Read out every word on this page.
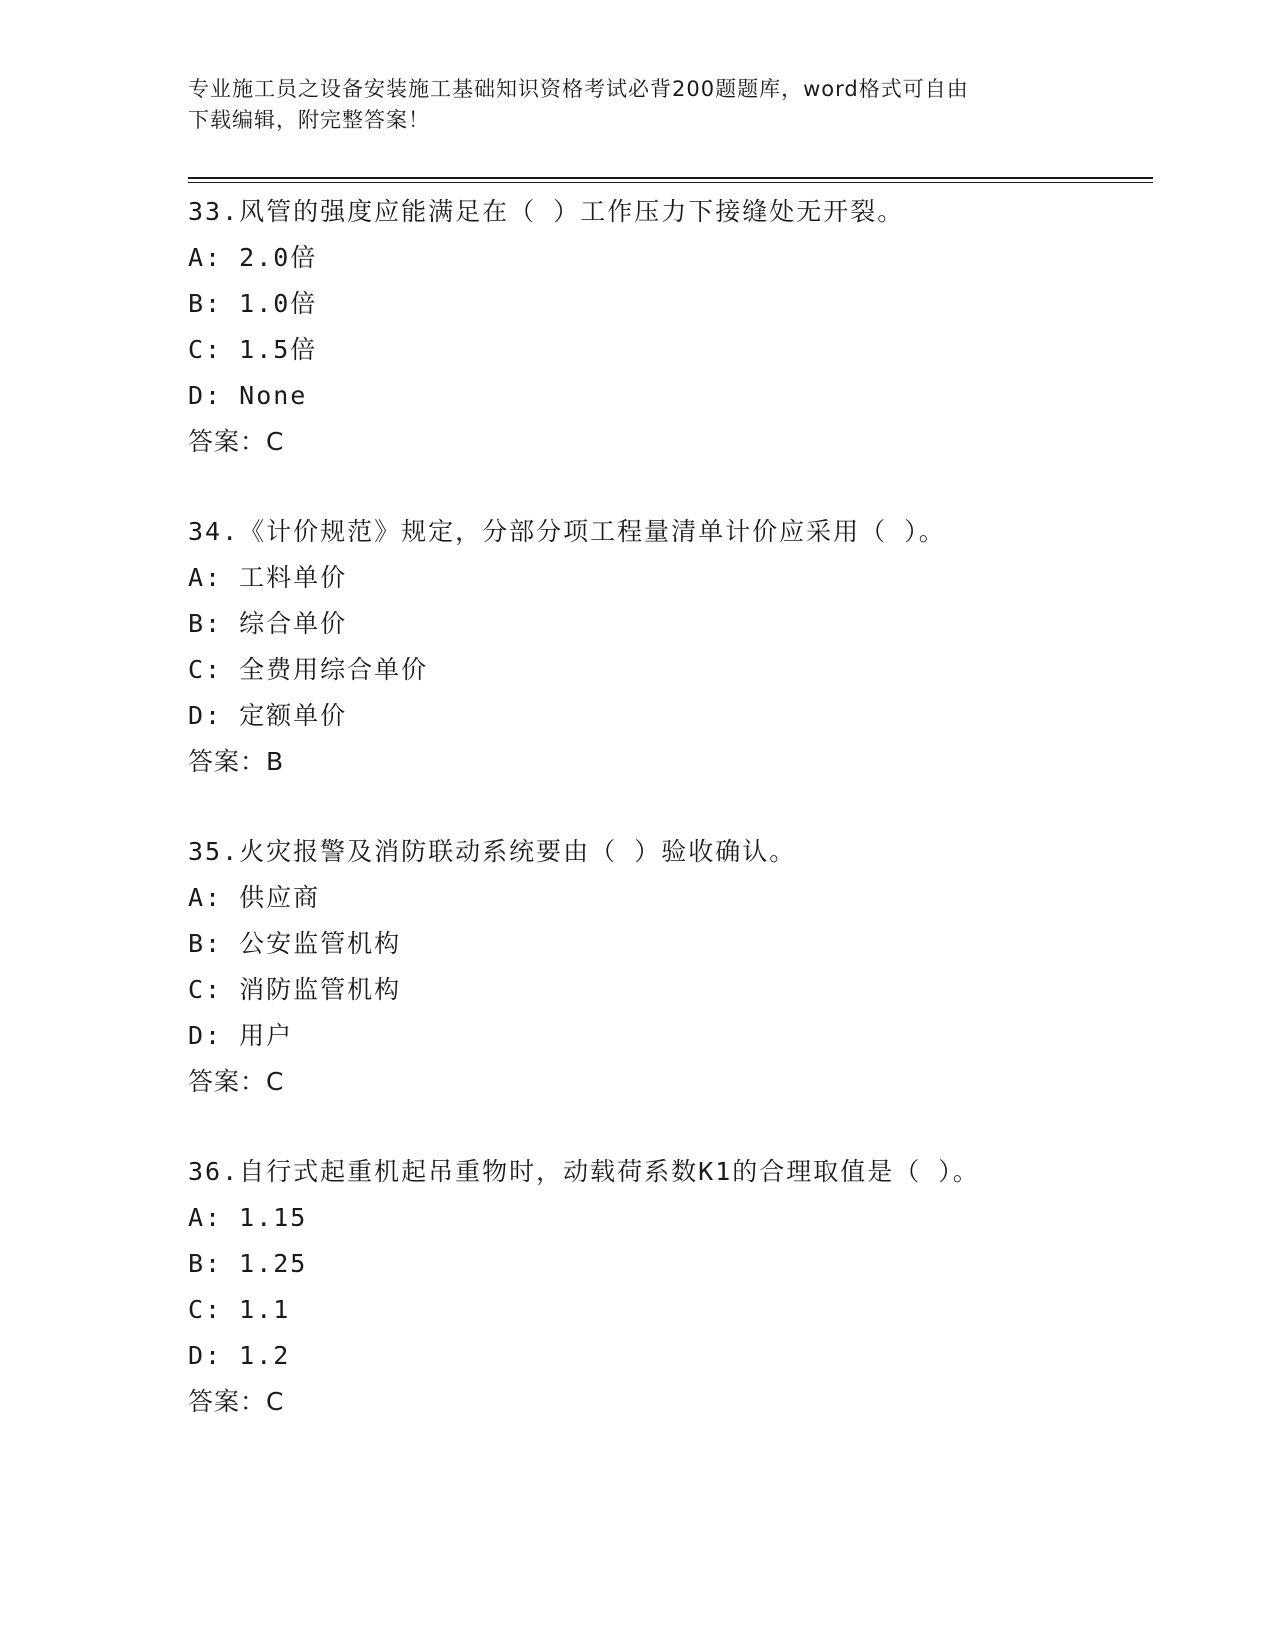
专业施工员之设备安装施工基础知识资格考试必背200题题库，word格式可自由
下载编辑，附完整答案！
33.风管的强度应能满足在（ ）工作压力下接缝处无开裂。
A: 2.0倍
B: 1.0倍
C: 1.5倍
D: None
答案：C
34.《计价规范》规定，分部分项工程量清单计价应采用（ ）。
A: 工料单价
B: 综合单价
C: 全费用综合单价
D: 定额单价
答案：B
35.火灾报警及消防联动系统要由（ ）验收确认。
A: 供应商
B: 公安监管机构
C: 消防监管机构
D: 用户
答案：C
36.自行式起重机起吊重物时，动载荷系数K1的合理取值是（ ）。
A: 1.15
B: 1.25
C: 1.1
D: 1.2
答案：C
